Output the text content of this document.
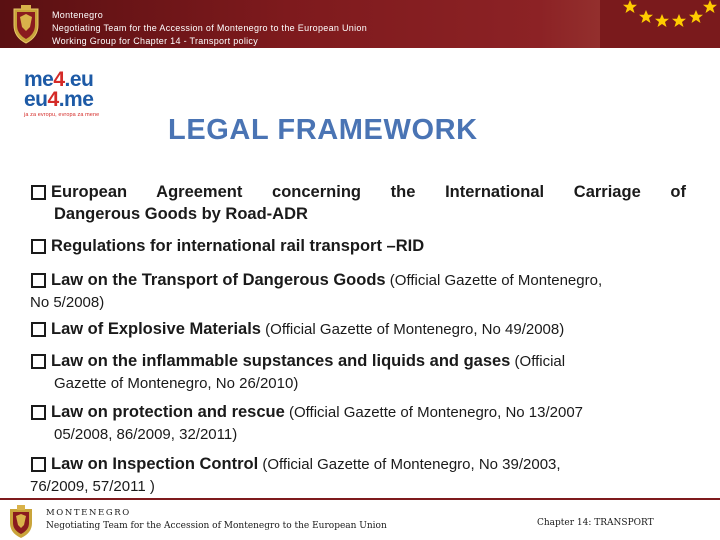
Montenegro
Negotiating Team for the Accession of Montenegro to the European Union
Working Group for Chapter 14 - Transport policy
me4.eu
eu4.me
ja za evropu, evropa za mene	LEGAL FRAMEWORK
European Agreement concerning the International Carriage of
Dangerous Goods by Road-ADR
Regulations for international rail transport –RID
Law on the Transport of Dangerous Goods (Official Gazette of Montenegro,
No 5/2008)
Law of Explosive Materials (Official Gazette of Montenegro, No 49/2008)
Law on the inflammable supstances and liquids and gases (Official
Gazette of Montenegro, No 26/2010)
Law on protection and rescue (Official Gazette of Montenegro, No 13/2007
05/2008, 86/2009, 32/2011)
Law on Inspection Control (Official Gazette of Montenegro, No 39/2003,
76/2009, 57/2011 )
MONTENEGRO
Negotiating Team for the Accession of Montenegro to the European Union	Chapter 14: TRANSPORT
